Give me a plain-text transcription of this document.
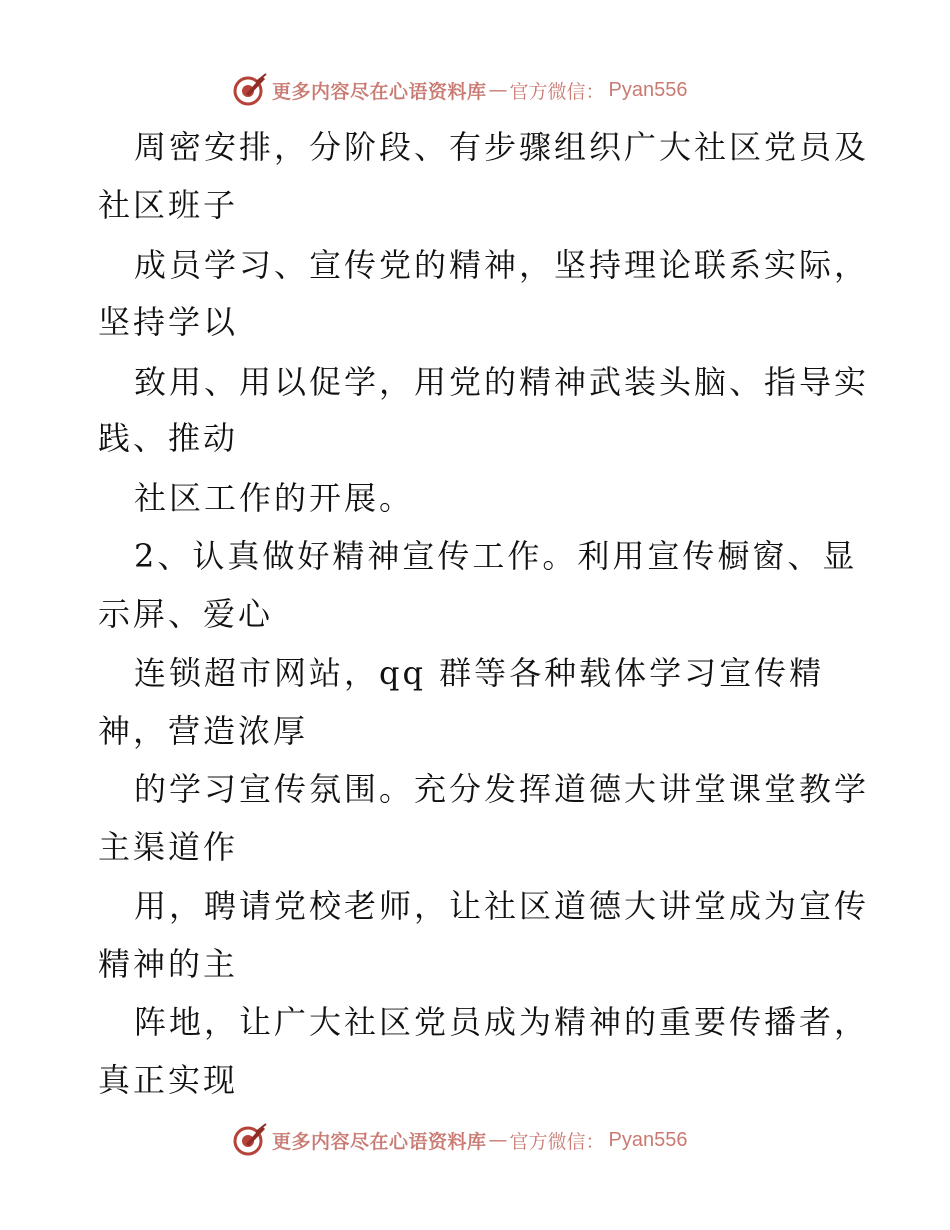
更多内容尽在心语资料库 — 官方微信： Pyan556
周密安排，分阶段、有步骤组织广大社区党员及
社区班子
成员学习、宣传党的精神，坚持理论联系实际，
坚持学以
致用、用以促学，用党的精神武装头脑、指导实
践、推动
社区工作的开展。
2、认真做好精神宣传工作。利用宣传橱窗、显
示屏、爱心
连锁超市网站，qq 群等各种载体学习宣传精
神，营造浓厚
的学习宣传氛围。充分发挥道德大讲堂课堂教学
主渠道作
用，聘请党校老师，让社区道德大讲堂成为宣传
精神的主
阵地，让广大社区党员成为精神的重要传播者，
真正实现
更多内容尽在心语资料库 — 官方微信： Pyan556
